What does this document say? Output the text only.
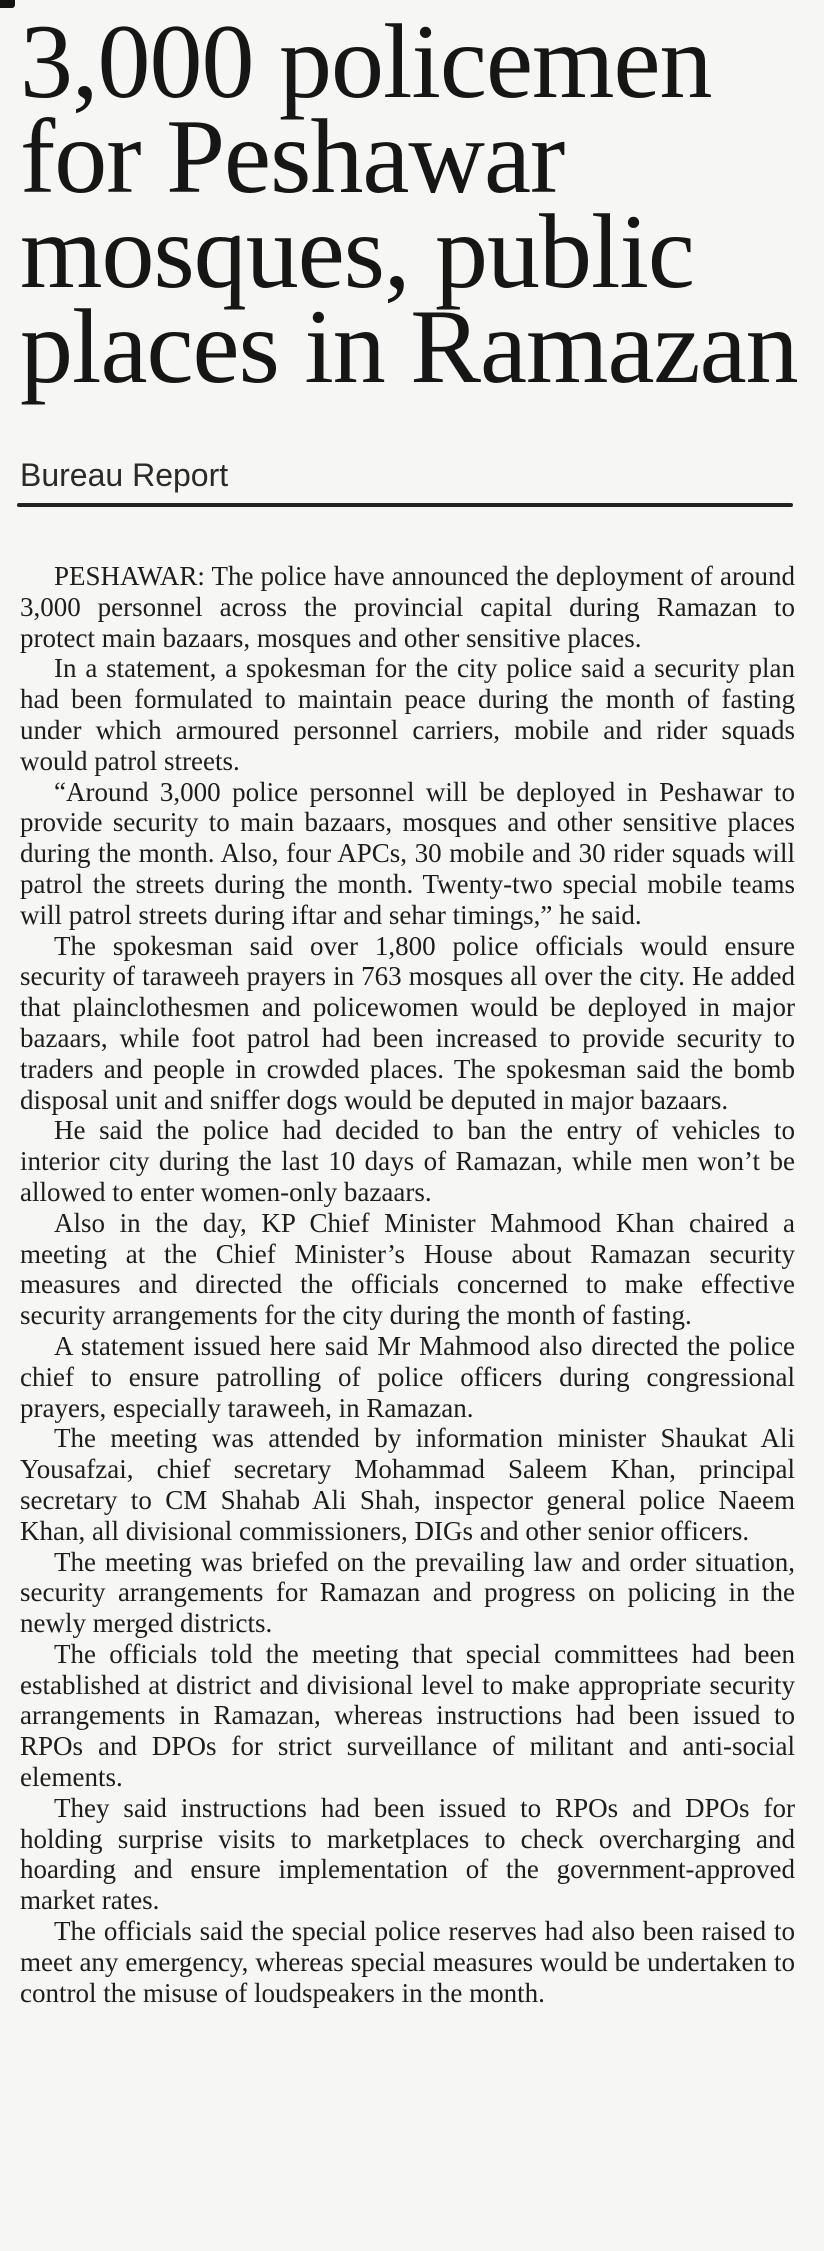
3,000 policemen
for Peshawar
mosques, public
places in Ramazan
Bureau Report
PESHAWAR: The police have announced the deployment of around 3,000 personnel across the provincial capital during Ramazan to protect main bazaars, mosques and other sensitive places.
In a statement, a spokesman for the city police said a security plan had been formulated to maintain peace during the month of fasting under which armoured personnel carriers, mobile and rider squads would patrol streets.
“Around 3,000 police personnel will be deployed in Peshawar to provide security to main bazaars, mosques and other sensitive places during the month. Also, four APCs, 30 mobile and 30 rider squads will patrol the streets during the month. Twenty-two special mobile teams will patrol streets during iftar and sehar timings,” he said.
The spokesman said over 1,800 police officials would ensure security of taraweeh prayers in 763 mosques all over the city. He added that plainclothesmen and policewomen would be deployed in major bazaars, while foot patrol had been increased to provide security to traders and people in crowded places. The spokesman said the bomb disposal unit and sniffer dogs would be deputed in major bazaars.
He said the police had decided to ban the entry of vehicles to interior city during the last 10 days of Ramazan, while men won’t be allowed to enter women-only bazaars.
Also in the day, KP Chief Minister Mahmood Khan chaired a meeting at the Chief Minister’s House about Ramazan security measures and directed the officials concerned to make effective security arrangements for the city during the month of fasting.
A statement issued here said Mr Mahmood also directed the police chief to ensure patrolling of police officers during congressional prayers, especially taraweeh, in Ramazan.
The meeting was attended by information minister Shaukat Ali Yousafzai, chief secretary Mohammad Saleem Khan, principal secretary to CM Shahab Ali Shah, inspector general police Naeem Khan, all divisional commissioners, DIGs and other senior officers.
The meeting was briefed on the prevailing law and order situation, security arrangements for Ramazan and progress on policing in the newly merged districts.
The officials told the meeting that special committees had been established at district and divisional level to make appropriate security arrangements in Ramazan, whereas instructions had been issued to RPOs and DPOs for strict surveillance of militant and anti-social elements.
They said instructions had been issued to RPOs and DPOs for holding surprise visits to marketplaces to check overcharging and hoarding and ensure implementation of the government-approved market rates.
The officials said the special police reserves had also been raised to meet any emergency, whereas special measures would be undertaken to control the misuse of loudspeakers in the month.
